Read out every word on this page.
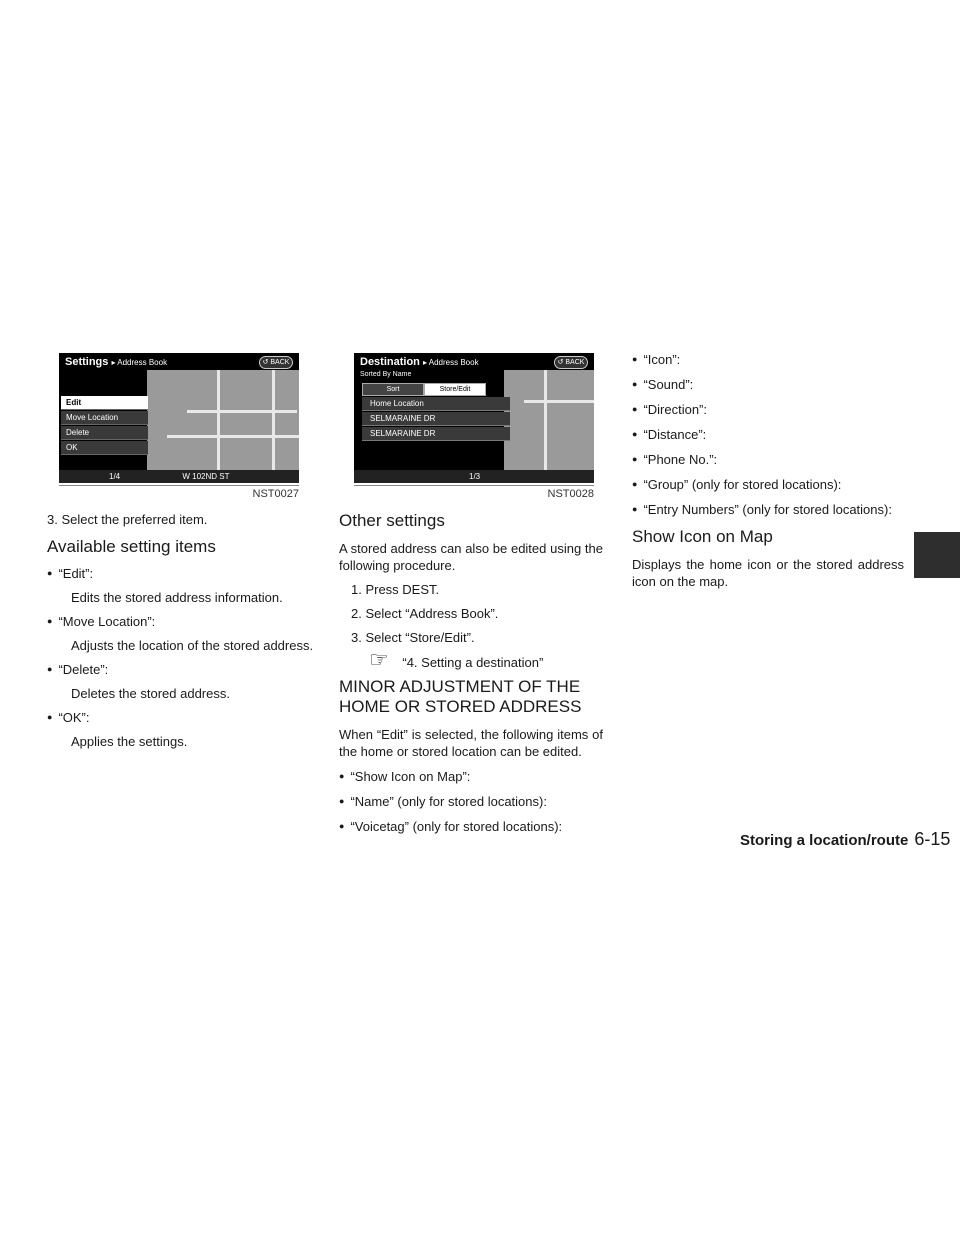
Settings ▸ Address Book	↺ BACK
Edit
Move Location
Delete
OK
1/4	W 102ND ST
NST0027
Destination ▸ Address Book	↺ BACK
Sorted By Name
Sort	Store/Edit
Home Location
SELMARAINE DR
SELMARAINE DR
1/3
NST0028

3. Select the preferred item.

Available setting items

● “Edit”:

Edits the stored address information.

● “Move Location”:

Adjusts the location of the stored address.

● “Delete”:

Deletes the stored address.

● “OK”:

Applies the settings.

Other settings

A stored address can also be edited using the following procedure.

1. Press DEST.

2. Select “Address Book”.

3. Select “Store/Edit”.

☞ “4. Setting a destination”

MINOR ADJUSTMENT OF THE
HOME OR STORED ADDRESS

When “Edit” is selected, the following items of the home or stored location can be edited.

● “Show Icon on Map”:

● “Name” (only for stored locations):

● “Voicetag” (only for stored locations):

● “Icon”:

● “Sound”:

● “Direction”:

● “Distance”:

● “Phone No.”:

● “Group” (only for stored locations):

● “Entry Numbers” (only for stored locations):

Show Icon on Map

Displays the home icon or the stored address icon on the map.

Storing a location/route 6-15
